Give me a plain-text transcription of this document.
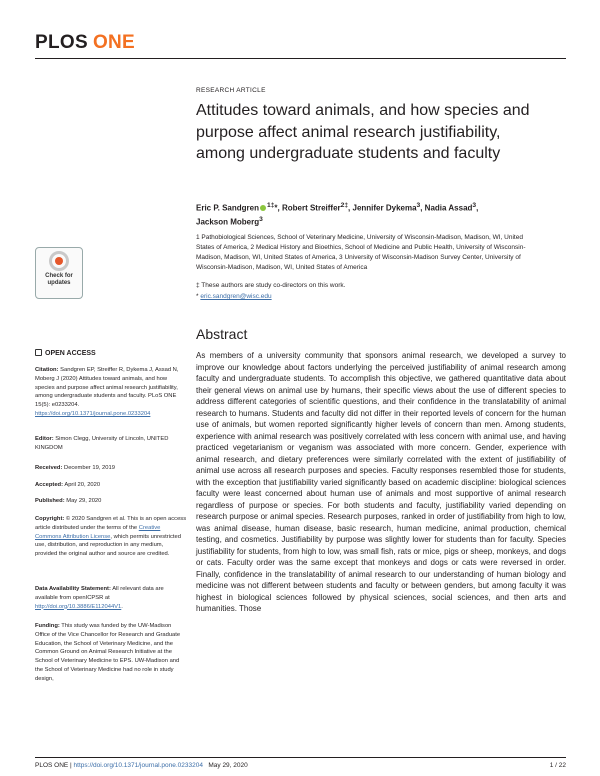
PLOS ONE
RESEARCH ARTICLE
Attitudes toward animals, and how species and purpose affect animal research justifiability, among undergraduate students and faculty
Eric P. Sandgren $^{1\ddagger}$*, Robert Streiffer$^{2\ddagger}$, Jennifer Dykema$^3$, Nadia Assad$^3$,
Jackson Moberg$^3$
1 Pathobiological Sciences, School of Veterinary Medicine, University of Wisconsin-Madison, Madison, WI, United States of America, 2 Medical History and Bioethics, School of Medicine and Public Health, University of Wisconsin-Madison, Madison, WI, United States of America, 3 University of Wisconsin-Madison Survey Center, University of Wisconsin-Madison, Madison, WI, United States of America
‡ These authors are study co-directors on this work.
* eric.sandgren@wisc.edu
Check for
updates
OPEN ACCESS
Citation: Sandgren EP, Streiffer R, Dykema J, Assad N, Moberg J (2020) Attitudes toward animals, and how species and purpose affect animal research justifiability, among undergraduate students and faculty. PLoS ONE 15(5): e0233204. https://doi.org/10.1371/journal.pone.0233204
Editor: Simon Clegg, University of Lincoln, UNITED KINGDOM
Received: December 19, 2019
Accepted: April 20, 2020
Published: May 29, 2020
Copyright: © 2020 Sandgren et al. This is an open access article distributed under the terms of the Creative Commons Attribution License, which permits unrestricted use, distribution, and reproduction in any medium, provided the original author and source are credited.
Data Availability Statement: All relevant data are available from openICPSR at http://doi.org/10.3886/E112044V1.
Funding: This study was funded by the UW-Madison Office of the Vice Chancellor for Research and Graduate Education, the School of Veterinary Medicine, and the Common Ground on Animal Research Initiative at the School of Veterinary Medicine to EPS. UW-Madison and the School of Veterinary Medicine had no role in study design,
Abstract
As members of a university community that sponsors animal research, we developed a survey to improve our knowledge about factors underlying the perceived justifiability of animal research among faculty and undergraduate students. To accomplish this objective, we gathered quantitative data about their general views on animal use by humans, their specific views about the use of different species to address different categories of scientific questions, and their confidence in the translatability of animal research to humans. Students and faculty did not differ in their reported levels of concern for the human use of animals, but women reported significantly higher levels of concern than men. Among students, experience with animal research was positively correlated with less concern with animal use, and having practiced vegetarianism or veganism was associated with more concern. Gender, experience with animal research, and dietary preferences were similarly correlated with the extent of justifiability of animal use across all research purposes and species. Faculty responses resembled those for students, with the exception that justifiability varied significantly based on academic discipline: biological sciences faculty were least concerned about human use of animals and most supportive of animal research regardless of purpose or species. For both students and faculty, justifiability varied depending on research purpose or animal species. Research purposes, ranked in order of justifiability from high to low, was animal disease, human disease, basic research, human medicine, animal production, chemical testing, and cosmetics. Justifiability by purpose was slightly lower for students than for faculty. Species justifiability for students, from high to low, was small fish, rats or mice, pigs or sheep, monkeys, and dogs or cats. Faculty order was the same except that monkeys and dogs or cats were reversed in order. Finally, confidence in the translatability of animal research to our understanding of human biology and medicine was not different between students and faculty or between genders, but among faculty it was highest in biological sciences followed by physical sciences, social sciences, and then arts and humanities. Those
PLOS ONE | https://doi.org/10.1371/journal.pone.0233204 May 29, 2020	1 / 22
